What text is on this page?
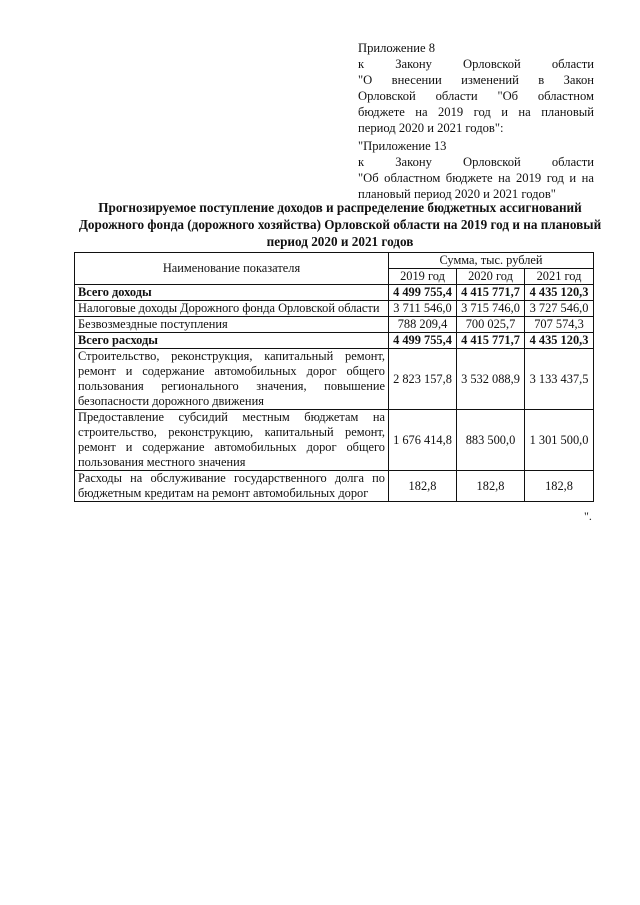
Приложение 8
к Закону Орловской области
"О внесении изменений в Закон
Орловской области "Об областном
бюджете на 2019 год и на плановый
период 2020 и 2021 годов":
"Приложение 13
к Закону Орловской области
"Об областном бюджете на 2019 год и на
плановый период 2020 и 2021 годов"
Прогнозируемое поступление доходов и распределение бюджетных ассигнований
Дорожного фонда (дорожного хозяйства) Орловской области на 2019 год и на плановый
период 2020 и 2021 годов
Наименование показателя	Сумма, тыс. рублей		
	2019 год	2020 год	2021 год
Всего доходы	4 499 755,4	4 415 771,7	4 435 120,3
Налоговые доходы Дорожного фонда Орловской области	3 711 546,0	3 715 746,0	3 727 546,0
Безвозмездные поступления	788 209,4	700 025,7	707 574,3
Всего расходы	4 499 755,4	4 415 771,7	4 435 120,3
Строительство, реконструкция, капитальный ремонт, ремонт и содержание автомобильных дорог общего пользования регионального значения, повышение безопасности дорожного движения	2 823 157,8	3 532 088,9	3 133 437,5
Предоставление субсидий местным бюджетам на строительство, реконструкцию, капитальный ремонт, ремонт и содержание автомобильных дорог общего пользования местного значения	1 676 414,8	883 500,0	1 301 500,0
Расходы на обслуживание государственного долга по бюджетным кредитам на ремонт автомобильных дорог	182,8	182,8	182,8
".
